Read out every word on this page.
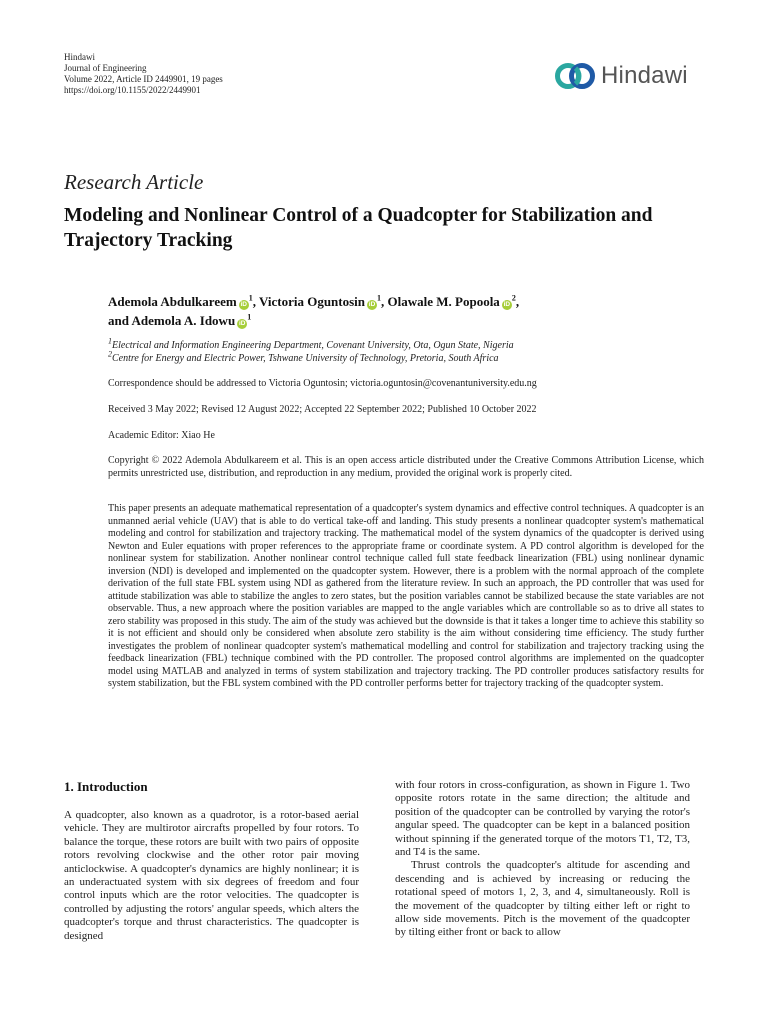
Hindawi
Journal of Engineering
Volume 2022, Article ID 2449901, 19 pages
https://doi.org/10.1155/2022/2449901
Hindawi
Research Article
Modeling and Nonlinear Control of a Quadcopter for Stabilization and Trajectory Tracking
Ademola Abdulkareem $iD^1$, Victoria Oguntosin $iD^1$, Olawale M. Popoola $iD^2$,
and Ademola A. Idowu $iD^1$
$^1$Electrical and Information Engineering Department, Covenant University, Ota, Ogun State, Nigeria
$^2$Centre for Energy and Electric Power, Tshwane University of Technology, Pretoria, South Africa
Correspondence should be addressed to Victoria Oguntosin; victoria.oguntosin@covenantuniversity.edu.ng
Received 3 May 2022; Revised 12 August 2022; Accepted 22 September 2022; Published 10 October 2022
Academic Editor: Xiao He
Copyright © 2022 Ademola Abdulkareem et al. This is an open access article distributed under the Creative Commons Attribution License, which permits unrestricted use, distribution, and reproduction in any medium, provided the original work is properly cited.
This paper presents an adequate mathematical representation of a quadcopter's system dynamics and effective control techniques. A quadcopter is an unmanned aerial vehicle (UAV) that is able to do vertical take-off and landing. This study presents a nonlinear quadcopter system's mathematical modeling and control for stabilization and trajectory tracking. The mathematical model of the system dynamics of the quadcopter is derived using Newton and Euler equations with proper references to the appropriate frame or coordinate system. A PD control algorithm is developed for the nonlinear system for stabilization. Another nonlinear control technique called full state feedback linearization (FBL) using nonlinear dynamic inversion (NDI) is developed and implemented on the quadcopter system. However, there is a problem with the normal approach of the complete derivation of the full state FBL system using NDI as gathered from the literature review. In such an approach, the PD controller that was used for attitude stabilization was able to stabilize the angles to zero states, but the position variables cannot be stabilized because the state variables are not observable. Thus, a new approach where the position variables are mapped to the angle variables which are controllable so as to drive all states to zero stability was proposed in this study. The aim of the study was achieved but the downside is that it takes a longer time to achieve this stability so it is not efficient and should only be considered when absolute zero stability is the aim without considering time efficiency. The study further investigates the problem of nonlinear quadcopter system's mathematical modelling and control for stabilization and trajectory tracking using the feedback linearization (FBL) technique combined with the PD controller. The proposed control algorithms are implemented on the quadcopter model using MATLAB and analyzed in terms of system stabilization and trajectory tracking. The PD controller produces satisfactory results for system stabilization, but the FBL system combined with the PD controller performs better for trajectory tracking of the quadcopter system.
1. Introduction

A quadcopter, also known as a quadrotor, is a rotor-based aerial vehicle. They are multirotor aircrafts propelled by four rotors. To balance the torque, these rotors are built with two pairs of opposite rotors revolving clockwise and the other rotor pair moving anticlockwise. A quadcopter's dynamics are highly nonlinear; it is an underactuated system with six degrees of freedom and four control inputs which are the rotor velocities. The quadcopter is controlled by adjusting the rotors' angular speeds, which alters the quadcopter's torque and thrust characteristics. The quadcopter is designed

with four rotors in cross-configuration, as shown in Figure 1. Two opposite rotors rotate in the same direction; the altitude and position of the quadcopter can be controlled by varying the rotor's angular speed. The quadcopter can be kept in a balanced position without spinning if the generated torque of the motors T1, T2, T3, and T4 is the same.

Thrust controls the quadcopter's altitude for ascending and descending and is achieved by increasing or reducing the rotational speed of motors 1, 2, 3, and 4, simultaneously. Roll is the movement of the quadcopter by tilting either left or right to allow side movements. Pitch is the movement of the quadcopter by tilting either front or back to allow
